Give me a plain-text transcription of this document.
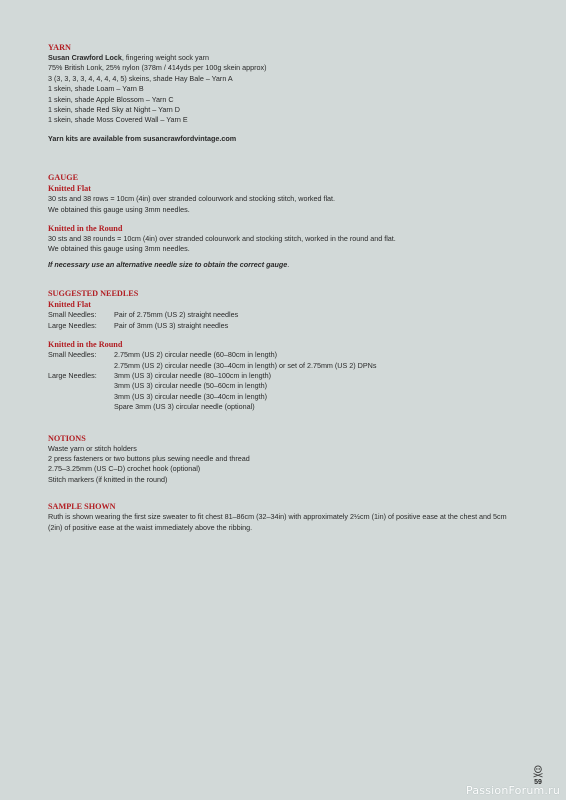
YARN
Susan Crawford Lock, fingering weight sock yarn
75% British Lonk, 25% nylon (378m / 414yds per 100g skein approx)
3 (3, 3, 3, 3, 4, 4, 4, 4, 5) skeins, shade Hay Bale – Yarn A
1 skein, shade Loam – Yarn B
1 skein, shade Apple Blossom – Yarn C
1 skein, shade Red Sky at Night – Yarn D
1 skein, shade Moss Covered Wall – Yarn E
Yarn kits are available from susancrawfordvintage.com
GAUGE
Knitted Flat
30 sts and 38 rows = 10cm (4in) over stranded colourwork and stocking stitch, worked flat.
We obtained this gauge using 3mm needles.
Knitted in the Round
30 sts and 38 rounds = 10cm (4in) over stranded colourwork and stocking stitch, worked in the round and flat.
We obtained this gauge using 3mm needles.
If necessary use an alternative needle size to obtain the correct gauge.
SUGGESTED NEEDLES
Knitted Flat
Small Needles:	Pair of 2.75mm (US 2) straight needles
Large Needles:	Pair of 3mm (US 3) straight needles
Knitted in the Round
Small Needles:	2.75mm (US 2) circular needle (60–80cm in length)
2.75mm (US 2) circular needle (30–40cm in length) or set of 2.75mm (US 2) DPNs
Large Needles:	3mm (US 3) circular needle (80–100cm in length)
3mm (US 3) circular needle (50–60cm in length)
3mm (US 3) circular needle (30–40cm in length)
Spare 3mm (US 3) circular needle (optional)
NOTIONS
Waste yarn or stitch holders
2 press fasteners or two buttons plus sewing needle and thread
2.75–3.25mm (US C–D) crochet hook (optional)
Stitch markers (if knitted in the round)
SAMPLE SHOWN
Ruth is shown wearing the first size sweater to fit chest 81–86cm (32–34in) with approximately 2½cm (1in) of positive ease at the chest and 5cm (2in) of positive ease at the waist immediately above the ribbing.
59
PassionForum.ru
